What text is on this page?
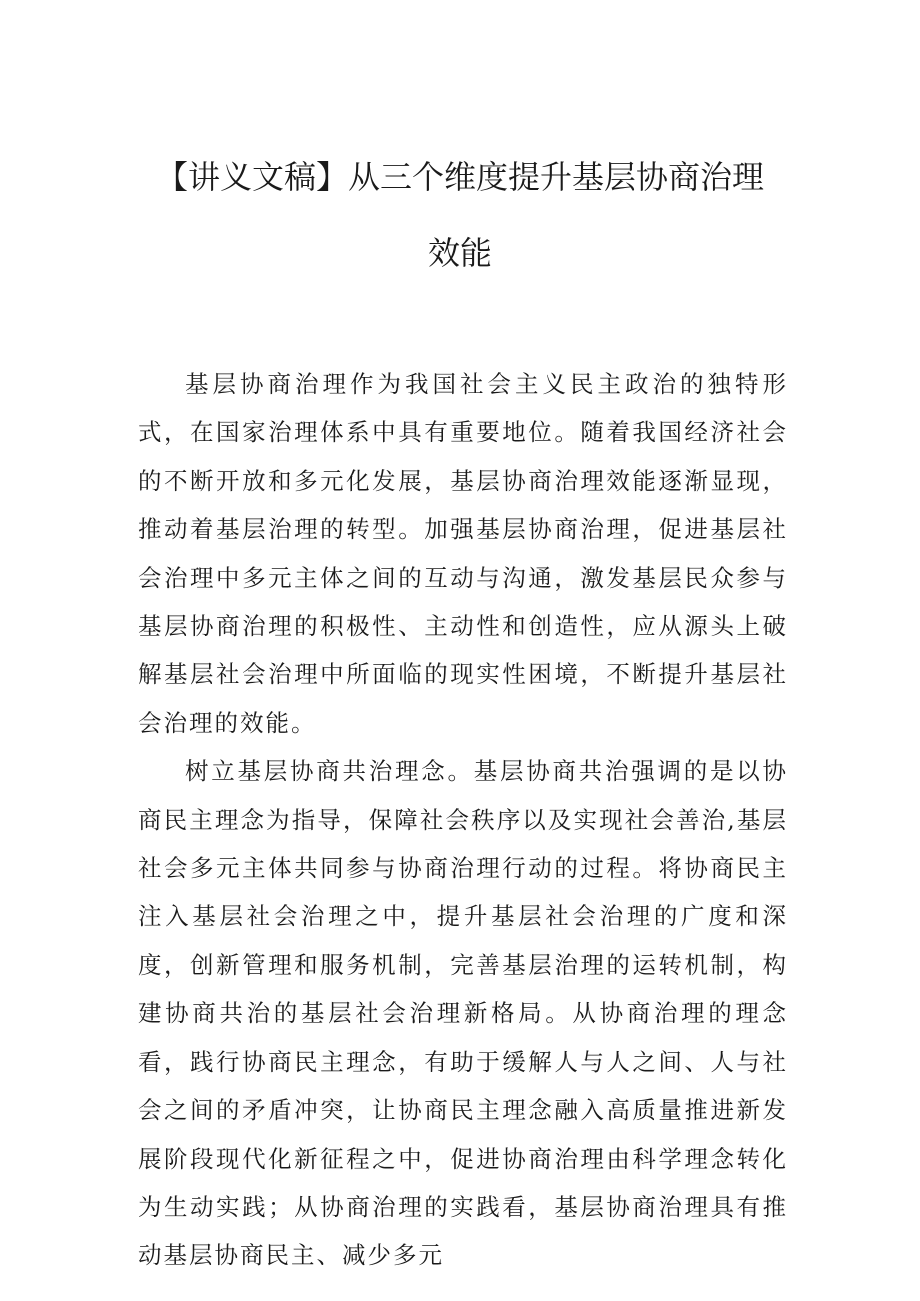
【讲义文稿】从三个维度提升基层协商治理
效能

基层协商治理作为我国社会主义民主政治的独特形式，在国家治理体系中具有重要地位。随着我国经济社会的不断开放和多元化发展，基层协商治理效能逐渐显现，推动着基层治理的转型。加强基层协商治理，促进基层社会治理中多元主体之间的互动与沟通，激发基层民众参与基层协商治理的积极性、主动性和创造性，应从源头上破解基层社会治理中所面临的现实性困境，不断提升基层社会治理的效能。

树立基层协商共治理念。基层协商共治强调的是以协商民主理念为指导，保障社会秩序以及实现社会善治,基层社会多元主体共同参与协商治理行动的过程。将协商民主注入基层社会治理之中，提升基层社会治理的广度和深度，创新管理和服务机制，完善基层治理的运转机制，构建协商共治的基层社会治理新格局。从协商治理的理念看，践行协商民主理念，有助于缓解人与人之间、人与社会之间的矛盾冲突，让协商民主理念融入高质量推进新发展阶段现代化新征程之中，促进协商治理由科学理念转化为生动实践；从协商治理的实践看，基层协商治理具有推动基层协商民主、减少多元
